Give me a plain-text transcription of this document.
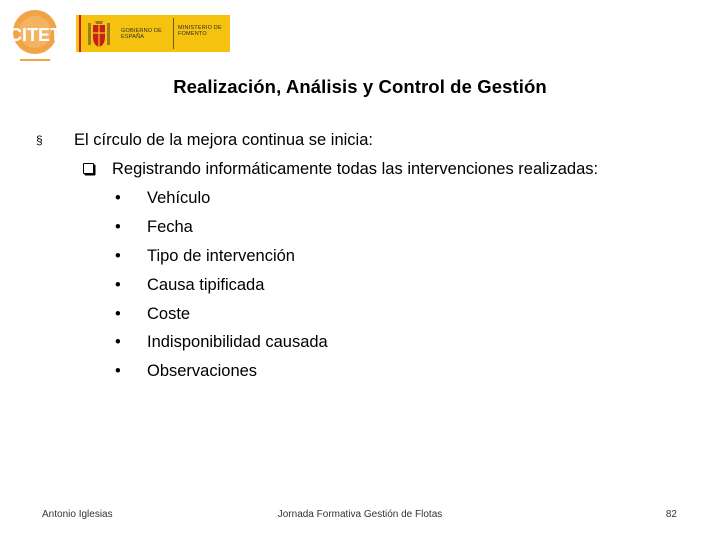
CITET	GOBIERNO DE ESPAÑA
MINISTERIO DE FOMENTO
Realización, Análisis y Control de Gestión
§ El círculo de la mejora continua se inicia:
Registrando informáticamente todas las intervenciones realizadas:
• Vehículo
• Fecha
• Tipo de intervención
• Causa tipificada
• Coste
• Indisponibilidad causada
• Observaciones
Antonio Iglesias	Jornada Formativa Gestión de Flotas	82
